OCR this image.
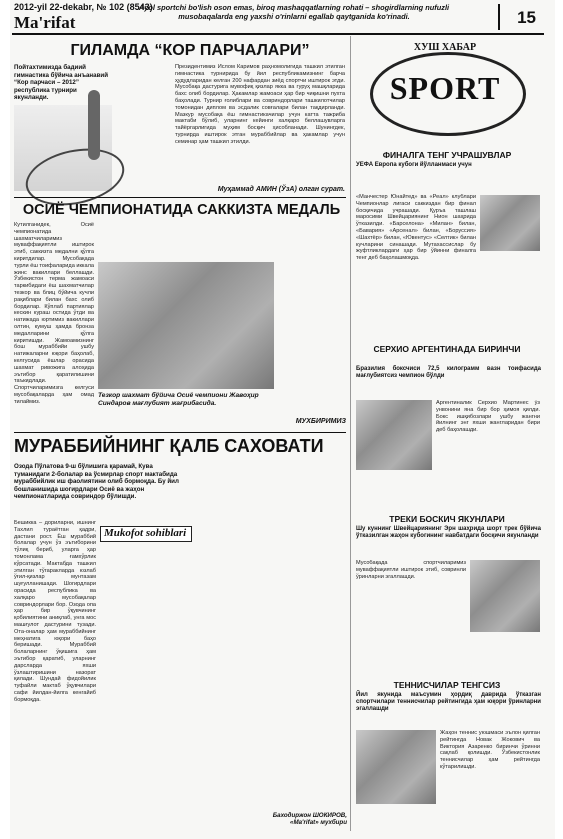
2012-yil 22-dekabr, № 102 (8543)
Ma'rifat
Ayol sportchi bo'lish oson emas, biroq mashaqqatlarning rohati – shogirdlarning nufuzli musobaqalarda eng yaxshi o'rinlarni egallab qaytganida ko'rinadi.	15
ГИЛАМДА “КОР ПАРЧАЛАРИ”
Пойтахтимизда бадиий гимнастика бўйича анъанавий “Кор парчаси – 2012” республика турнири якунланди.
Президентимиз Ислом Каримов раҳномолигида ташкил этилган гимнастика турнирида бу йил республикамизнинг барча ҳудудларидан келган 200 нафардан зиёд спортчи иштирок этди. Мусобақа дастурига мувофиқ қизлар якка ва гуруҳ машқларида бахс олиб бордилар. Ҳакамлар жамоаси ҳар бир чиқишни пухта баҳолади. Турнир ғолиблари ва совриндорлари ташкилотчилар томонидан диплом ва эсдалик совғалари билан тақдирланди. Мазкур мусобақа ёш гимнастикачилар учун катта тажриба мактаби бўлиб, уларнинг кейинги халқаро беллашувларга тайёргарлигида муҳим босқич ҳисобланади. Шунингдек, турнирда иштирок этган мураббийлар ва ҳакамлар учун семинар ҳам ташкил этилди.
Муҳаммад АМИН (ЎзА) олган сурат.
ОСИЁ ЧЕМПИОНАТИДА САККИЗТА МЕДАЛЬ
Кутилганидек, Осиё чемпионатида шахматчиларимиз муваффақиятли иштирок этиб, саккизта медални қўлга киритдилар. Мусобақада турли ёш тоифаларида иккала жинс вакиллари беллашди. Ўзбекистон терма жамоаси таркибидаги ёш шахматчилар тезкор ва блиц бўйича кучли рақиблари билан бахс олиб бордилар. Кўплаб партиялар кескин кураш остида ўтди ва натижада юртимиз вакиллари олтин, кумуш ҳамда бронза медалларини қўлга киритишди. Жамоамизнинг бош мураббийи ушбу натижаларни юқори баҳолаб, келгусида ёшлар орасида шахмат ривожига алоҳида эътибор қаратилишини таъкидлади. Спортчиларимизга келгуси мусобақаларда ҳам омад тилаймиз.
Тезкор шахмат бўйича Осиё чемпиони Жавоҳир Синдаров мағлубият жағрибасида.
МУХБИРИМИЗ
МУРАББИЙНИНГ ҚАЛБ САХОВАТИ
Озода Пўлатова 9-ш бўлишига қарамай, Кува туманидаги 2-болалар ва ўсмирлар спорт мактабида мураббийлик иш фаолиятини олиб бормоқда. Бу йил бошланишида шогирдлари Осиё ва жаҳон чемпионатларида совриндор бўлишди.
Бешикка – дориларни, ишнинг Тахлил тураётган қадри, дастани рост. Ёш мураббий болалар учун ўз эътиборини тўлиқ бериб, уларга ҳар томонлама ғамхўрлик кўрсатади. Мактабда ташкил этилган тўгаракларда юзлаб ўғил-қизлар мунтазам шуғулланишади. Шогирдлари орасида республика ва халқаро мусобақалар совриндорлари бор. Озода опа ҳар бир ўқувчининг қобилиятини аниқлаб, унга мос машғулот дастурини тузади. Ота-оналар ҳам мураббийнинг меҳнатига юқори баҳо беришади. Мураббий болаларнинг ўқишига ҳам эътибор қаратиб, уларнинг дарсларда яхши ўзлаштиришини назорат қилади. Шундай фидойилик туфайли мактаб ўқувчилари сафи йилдан-йилга кенгайиб бормоқда.
Mukofot sohiblari
Баходиржон ШОКИРОВ, «Ma'rifat» мухбири
ХУШ ХАБАР
SPORT
ФИНАЛГА ТЕНГ УЧРАШУВЛАР
УЕФА Европа кубоги йўлланмаси учун
«Манчестер Юнайтед» ва «Реал» клублари Чемпионлар лигаси саккиздан бир финал босқичида учрашади. Қуръа ташлаш маросими Швейцариянинг Нион шаҳрида ўтказилди. «Барселона» «Милан» билан, «Бавария» «Арсенал» билан, «Боруссия» «Шахтёр» билан, «Ювентус» «Селтик» билан кучларини синашади. Мутахассислар бу жуфтликлардаги ҳар бир ўйинни финалга тенг деб баҳолашмоқда.
СЕРХИО АРГЕНТИНАДА БИРИНЧИ
Бразилия боксчиси 72,5 килограмм вазн тоифасида мағлубиятсиз чемпион бўлди
Аргентиналик Серхио Мартинес ўз унвонини яна бир бор ҳимоя қилди. Бокс ишқибозлари ушбу жангни йилнинг энг яхши жангларидан бири деб баҳолашди.
ТРЕКИ БОСКИЧ ЯКУНЛАРИ
Шу куннинг Швейцариянинг Эрн шаҳрида шорт трек бўйича ўтказилган жаҳон кубогининг навбатдаги босқичи якунланди
Мусобақада спортчиларимиз муваффақиятли иштирок этиб, совринли ўринларни эгаллашди.
ТЕННИСЧИЛАР ТЕНГСИЗ
Йил якунида маъсумин ҳордиқ даврида ўтказган спортчилари теннисчилар рейтингида ҳам юқори ўринларни эгаллашди
Жаҳон теннис уюшмаси эълон қилган рейтингда Новак Жокович ва Виктория Азаренко биринчи ўринни сақлаб қолишди. Ўзбекистонлик теннисчилар ҳам рейтингда кўтарилишди.
